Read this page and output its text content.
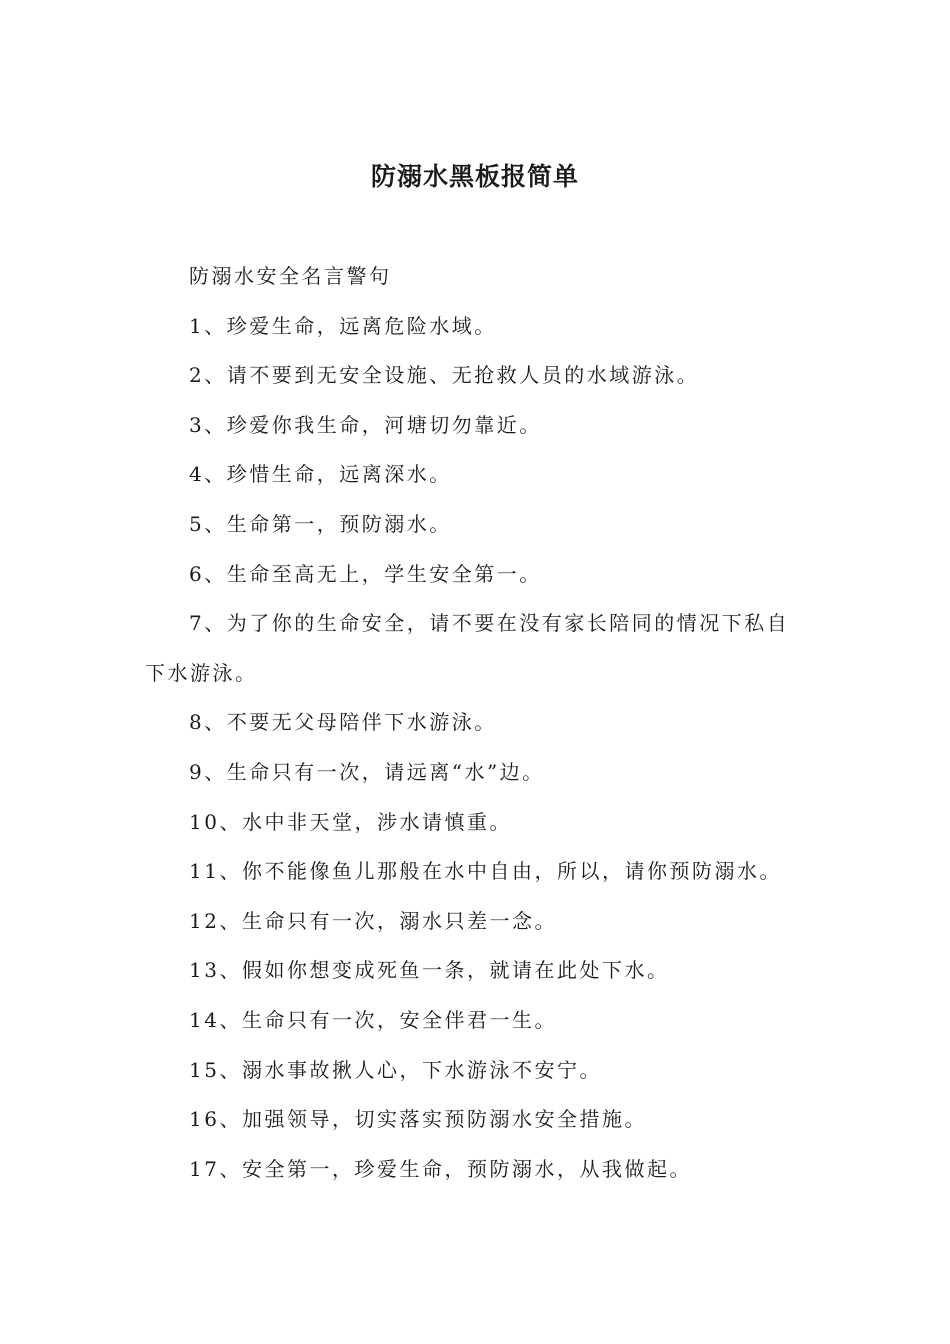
防溺水黑板报简单

防溺水安全名言警句

1、珍爱生命，远离危险水域。

2、请不要到无安全设施、无抢救人员的水域游泳。

3、珍爱你我生命，河塘切勿靠近。

4、珍惜生命，远离深水。

5、生命第一，预防溺水。

6、生命至高无上，学生安全第一。

7、为了你的生命安全，请不要在没有家长陪同的情况下私自下水游泳。

8、不要无父母陪伴下水游泳。

9、生命只有一次，请远离“水”边。

10、水中非天堂，涉水请慎重。

11、你不能像鱼儿那般在水中自由，所以，请你预防溺水。

12、生命只有一次，溺水只差一念。

13、假如你想变成死鱼一条，就请在此处下水。

14、生命只有一次，安全伴君一生。

15、溺水事故揪人心，下水游泳不安宁。

16、加强领导，切实落实预防溺水安全措施。

17、安全第一，珍爱生命，预防溺水，从我做起。
